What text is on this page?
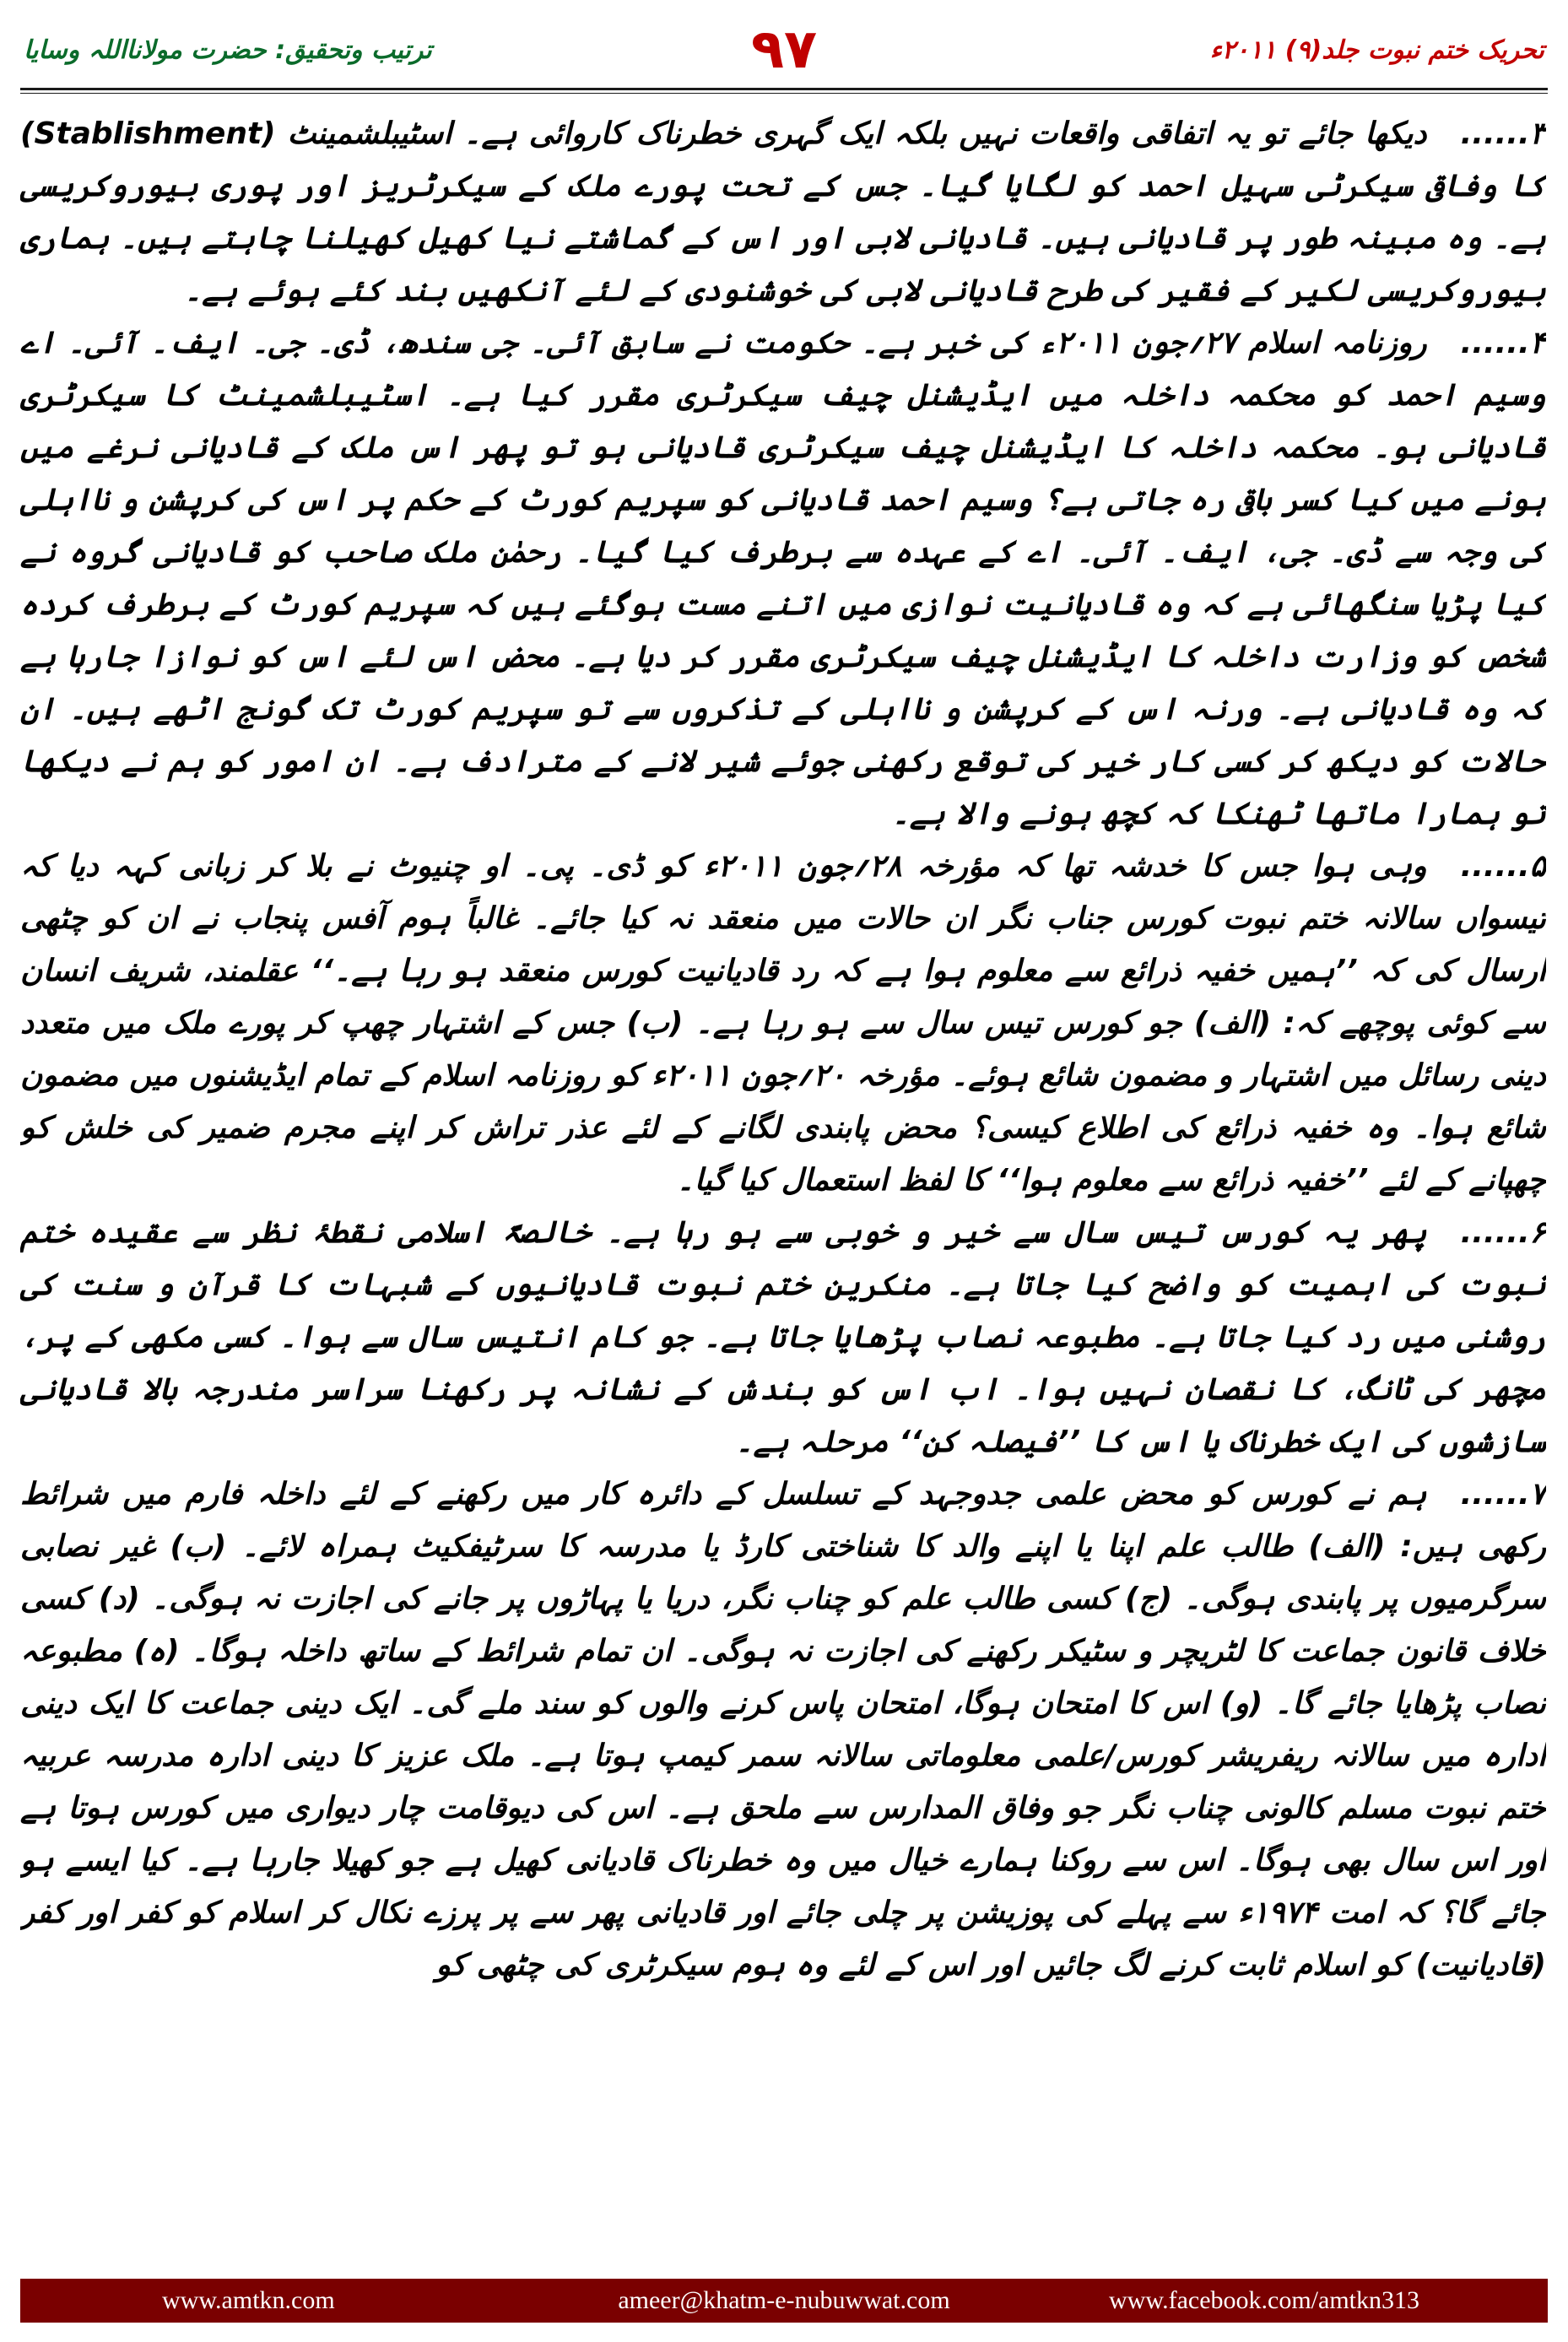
تحریک ختم نبوت جلد(۹) ۲۰۱۱ء
۹۷
ترتیب وتحقیق: حضرت مولانااللہ وسایا

۳......دیکھا جائے تو یہ اتفاقی واقعات نہیں بلکہ ایک گہری خطرناک کاروائی ہے۔ اسٹیبلشمینٹ (Stablishment) کا وفاقی سیکرٹی سہیل احمد کو لگایا گیا۔ جس کے تحت پورے ملک کے سیکرٹریز اور پوری بیوروکریسی ہے۔ وہ مبینہ طور پر قادیانی ہیں۔ قادیانی لابی اور اس کے گماشتے نیا کھیل کھیلنا چاہتے ہیں۔ ہماری بیوروکریسی لکیر کے فقیر کی طرح قادیانی لابی کی خوشنودی کے لئے آنکھیں بند کئے ہوئے ہے۔

۴......روزنامہ اسلام ۲۷؍جون ۲۰۱۱ء کی خبر ہے۔ حکومت نے سابق آئی۔ جی سندھ، ڈی۔ جی۔ ایف۔ آئی۔ اے وسیم احمد کو محکمہ داخلہ میں ایڈیشنل چیف سیکرٹری مقرر کیا ہے۔ اسٹیبلشمینٹ کا سیکرٹری قادیانی ہو۔ محکمہ داخلہ کا ایڈیشنل چیف سیکرٹری قادیانی ہو تو پھر اس ملک کے قادیانی نرغے میں ہونے میں کیا کسر باقی رہ جاتی ہے؟ وسیم احمد قادیانی کو سپریم کورٹ کے حکم پر اس کی کرپشن و نااہلی کی وجہ سے ڈی۔ جی، ایف۔ آئی۔ اے کے عہدہ سے برطرف کیا گیا۔ رحمٰن ملک صاحب کو قادیانی گروہ نے کیا پڑیا سنگھائی ہے کہ وہ قادیانیت نوازی میں اتنے مست ہوگئے ہیں کہ سپریم کورٹ کے برطرف کردہ شخص کو وزارت داخلہ کا ایڈیشنل چیف سیکرٹری مقرر کر دیا ہے۔ محض اس لئے اس کو نوازا جارہا ہے کہ وہ قادیانی ہے۔ ورنہ اس کے کرپشن و نااہلی کے تذکروں سے تو سپریم کورٹ تک گونج اٹھے ہیں۔ ان حالات کو دیکھ کر کسی کار خیر کی توقع رکھنی جوئے شیر لانے کے مترادف ہے۔ ان امور کو ہم نے دیکھا تو ہمارا ماتھا ٹھنکا کہ کچھ ہونے والا ہے۔

۵......وہی ہوا جس کا خدشہ تھا کہ مؤرخہ ۲۸؍جون ۲۰۱۱ء کو ڈی۔ پی۔ او چنیوٹ نے بلا کر زبانی کہہ دیا کہ تیسواں سالانہ ختم نبوت کورس جناب نگر ان حالات میں منعقد نہ کیا جائے۔ غالباً ہوم آفس پنجاب نے ان کو چٹھی ارسال کی کہ ’’ہمیں خفیہ ذرائع سے معلوم ہوا ہے کہ رد قادیانیت کورس منعقد ہو رہا ہے۔‘‘ عقلمند، شریف انسان سے کوئی پوچھے کہ: (الف) جو کورس تیس سال سے ہو رہا ہے۔ (ب) جس کے اشتہار چھپ کر پورے ملک میں متعدد دینی رسائل میں اشتہار و مضمون شائع ہوئے۔ مؤرخہ ۲۰؍جون ۲۰۱۱ء کو روزنامہ اسلام کے تمام ایڈیشنوں میں مضمون شائع ہوا۔ وہ خفیہ ذرائع کی اطلاع کیسی؟ محض پابندی لگانے کے لئے عذر تراش کر اپنے مجرم ضمیر کی خلش کو چھپانے کے لئے ’’خفیہ ذرائع سے معلوم ہوا‘‘ کا لفظ استعمال کیا گیا۔

۶......پھر یہ کورس تیس سال سے خیر و خوبی سے ہو رہا ہے۔ خالصۃً اسلامی نقطۂ نظر سے عقیدہ ختم نبوت کی اہمیت کو واضح کیا جاتا ہے۔ منکرین ختم نبوت قادیانیوں کے شبہات کا قرآن و سنت کی روشنی میں رد کیا جاتا ہے۔ مطبوعہ نصاب پڑھایا جاتا ہے۔ جو کام انتیس سال سے ہوا۔ کسی مکھی کے پر، مچھر کی ٹانگ، کا نقصان نہیں ہوا۔ اب اس کو بندش کے نشانہ پر رکھنا سراسر مندرجہ بالا قادیانی سازشوں کی ایک خطرناک یا اس کا ’’فیصلہ کن‘‘ مرحلہ ہے۔

۷......ہم نے کورس کو محض علمی جدوجہد کے تسلسل کے دائرہ کار میں رکھنے کے لئے داخلہ فارم میں شرائط رکھی ہیں: (الف) طالب علم اپنا یا اپنے والد کا شناختی کارڈ یا مدرسہ کا سرٹیفکیٹ ہمراہ لائے۔ (ب) غیر نصابی سرگرمیوں پر پابندی ہوگی۔ (ج) کسی طالب علم کو چناب نگر، دریا یا پہاڑوں پر جانے کی اجازت نہ ہوگی۔ (د) کسی خلاف قانون جماعت کا لٹریچر و سٹیکر رکھنے کی اجازت نہ ہوگی۔ ان تمام شرائط کے ساتھ داخلہ ہوگا۔ (ہ) مطبوعہ نصاب پڑھایا جائے گا۔ (و) اس کا امتحان ہوگا، امتحان پاس کرنے والوں کو سند ملے گی۔ ایک دینی جماعت کا ایک دینی ادارہ میں سالانہ ریفریشر کورس/علمی معلوماتی سالانہ سمر کیمپ ہوتا ہے۔ ملک عزیز کا دینی ادارہ مدرسہ عربیہ ختم نبوت مسلم کالونی چناب نگر جو وفاق المدارس سے ملحق ہے۔ اس کی دیوقامت چار دیواری میں کورس ہوتا ہے اور اس سال بھی ہوگا۔ اس سے روکنا ہمارے خیال میں وہ خطرناک قادیانی کھیل ہے جو کھیلا جارہا ہے۔ کیا ایسے ہو جائے گا؟ کہ امت ۱۹۷۴ء سے پہلے کی پوزیشن پر چلی جائے اور قادیانی پھر سے پر پرزے نکال کر اسلام کو کفر اور کفر (قادیانیت) کو اسلام ثابت کرنے لگ جائیں اور اس کے لئے وہ ہوم سیکرٹری کی چٹھی کو

www.amtkn.com	ameer@khatm-e-nubuwwat.com	www.facebook.com/amtkn313
